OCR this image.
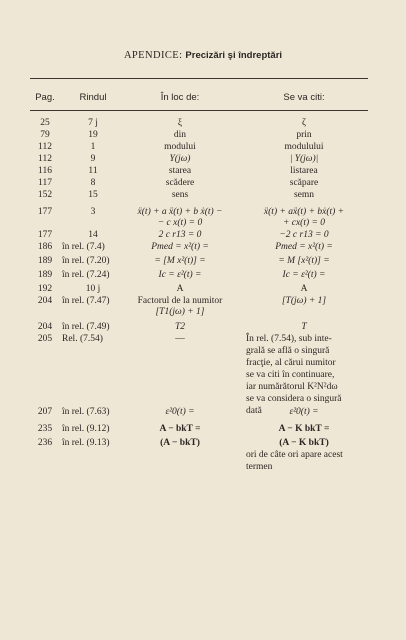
APENDICE: Precizări şi îndreptări
Pag.	Rindul	În loc de:	Se va citi:
25	7 j	ξ	ζ
79	19	din	prin
112	1	modului	modulului
112	9	Y(jω)	| Y(jω)|
116	11	starea	listarea
117	8	scădere	scăpare
152	15	sens	semn
177	3	ẍ(t) + a ẍ(t) + b ẋ(t) −	ẍ(t) + aẍ(t) + bẋ(t) +
− c x(t) = 0	+ cx(t) = 0
177	14	2 c r13 = 0	−2 c r13 = 0
186	în rel. (7.4)	Pmed = x²(t) =	Pmed = x²(t) =
189	în rel. (7.20)	= [M x²(t)] =	= M [x²(t)] =
189	în rel. (7.24)	Ic = ε²(t) =	Ic = ε²(t) =
192	10 j	A	A
204	în rel. (7.47)	Factorul de la numitor	[T(jω) + 1]
[T1(jω) + 1]
204	în rel. (7.49)	T2	T
205	Rel. (7.54)	—	În rel. (7.54), sub inte-
grală se află o singură
fracţie, al cărui numitor
se va citi în continuare,
iar numărătorul K²N²dω
se va considera o singură
dată
207	în rel. (7.63)	ε²0(t) =	ε²0(t) =
235	în rel. (9.12)	A − bkT =	A − K bkT =
236	în rel. (9.13)	(A − bkT)	(A − K bkT)
ori de câte ori apare acest
termen
